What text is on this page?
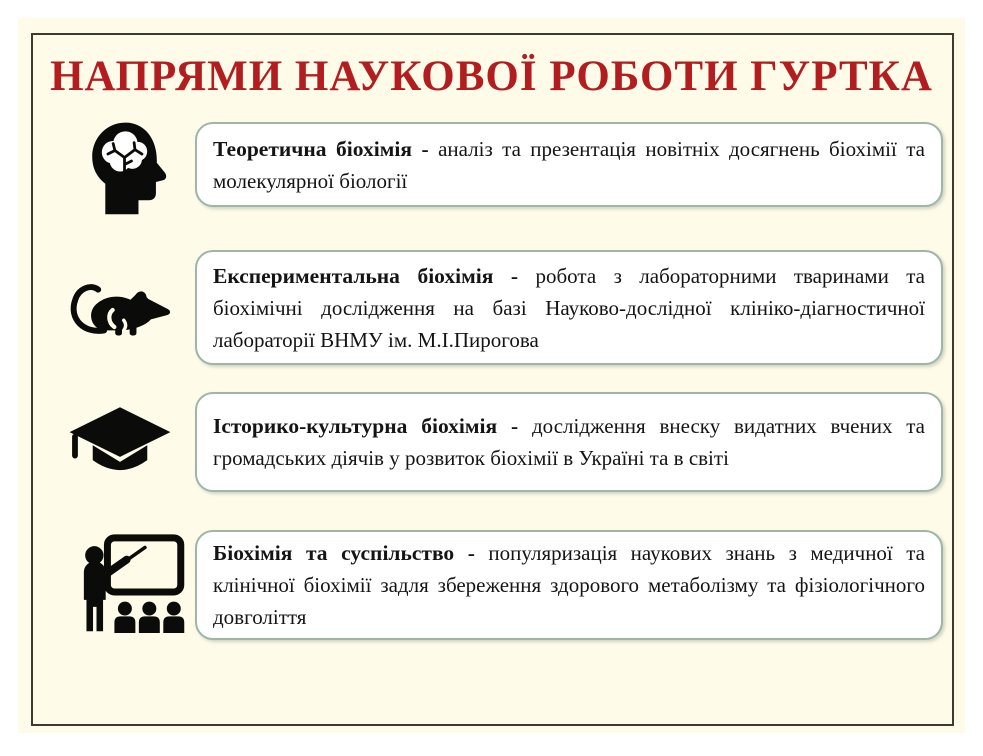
НАПРЯМИ НАУКОВОЇ РОБОТИ ГУРТКА

Теоретична біохімія - аналіз та презентація новітніх досягнень біохімії та молекулярної біології

Експериментальна біохімія - робота з лабораторними тваринами та біохімічні дослідження на базі Науково-дослідної клініко-діагностичної лабораторії ВНМУ ім. М.І.Пирогова

Історико-культурна біохімія - дослідження внеску видатних вчених та громадських діячів у розвиток біохімії в Україні та в світі

Біохімія та суспільство - популяризація наукових знань з медичної та клінічної біохімії задля збереження здорового метаболізму та фізіологічного довголіття
